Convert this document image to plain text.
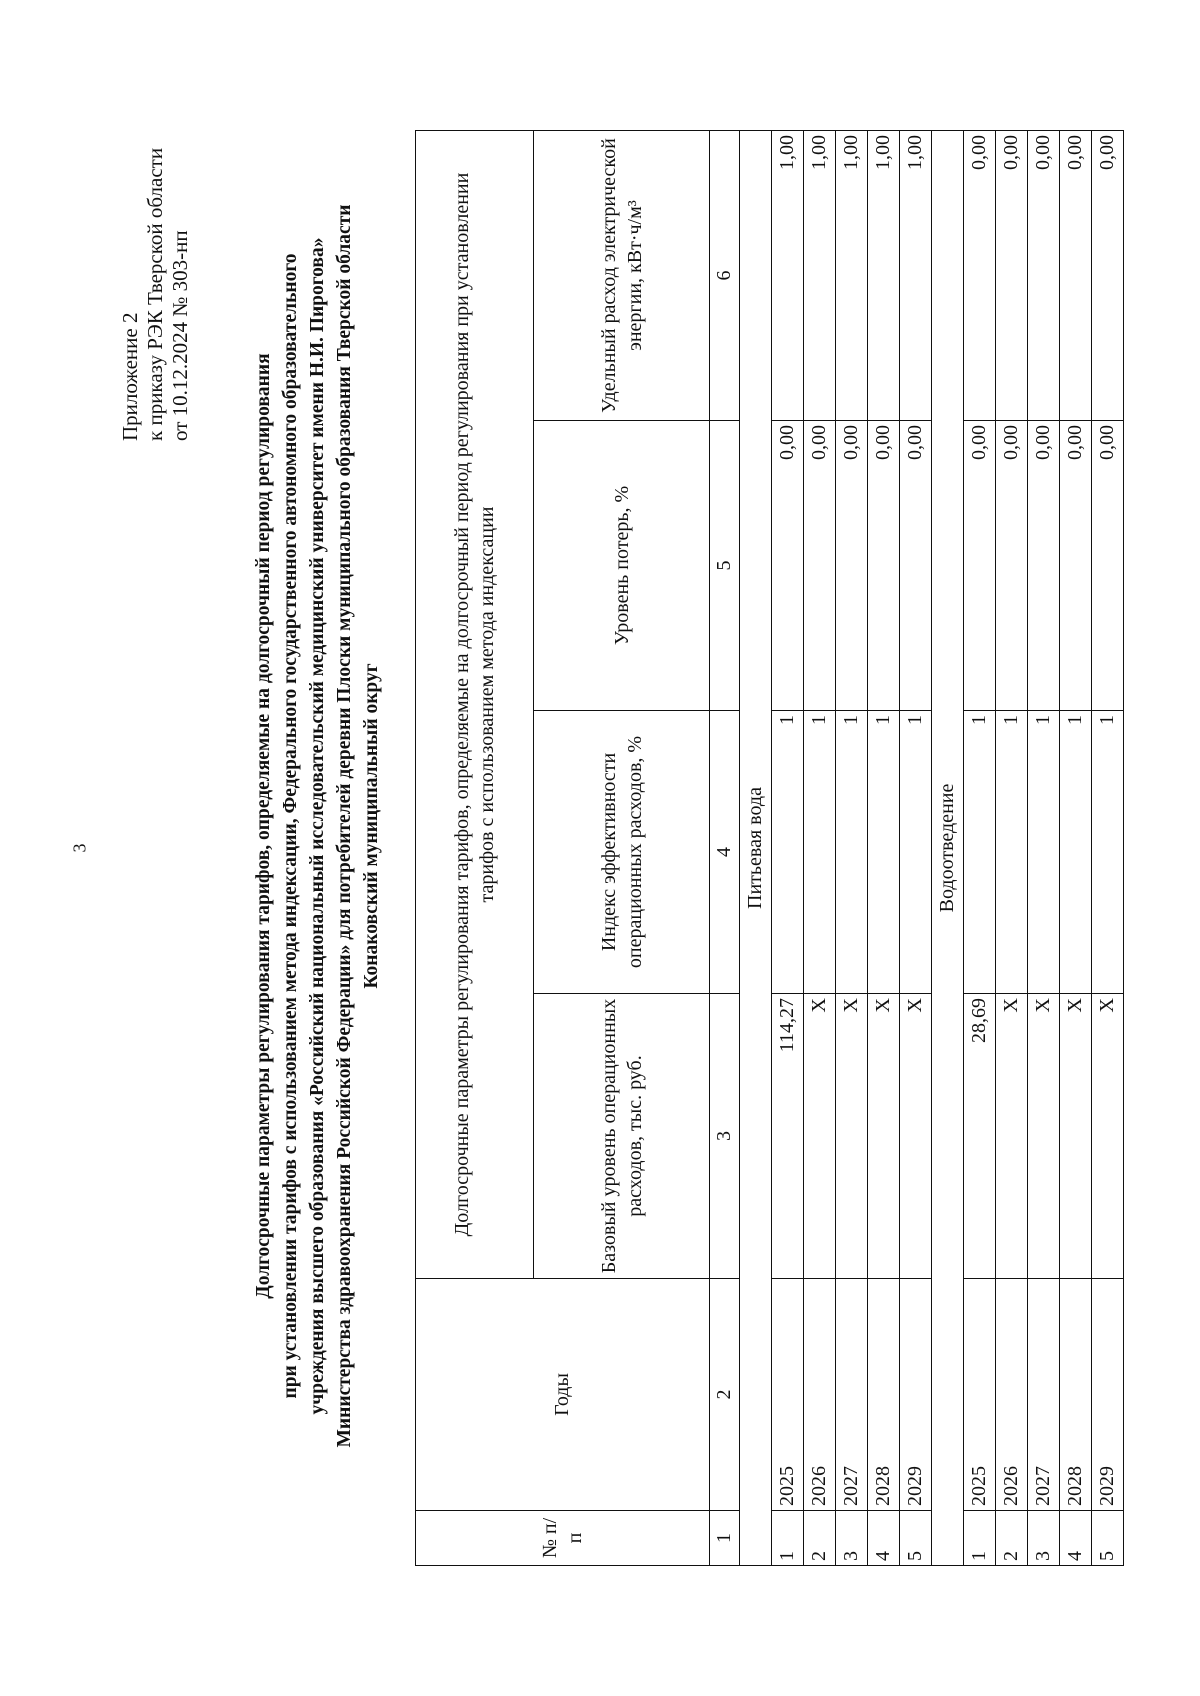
3
Приложение 2 к приказу РЭК Тверской области от 10.12.2024 № 303-нп
Долгосрочные параметры регулирования тарифов, определяемые на долгосрочный период регулирования при установлении тарифов с использованием метода индексации, Федерального государственного автономного образовательного учреждения высшего образования «Российский национальный исследовательский медицинский университет имени Н.И. Пирогова» Министерства здравоохранения Российской Федерации» для потребителей деревни Плоски муниципального образования Тверской области Конаковский муниципальный округ
№ п/п	Годы	Долгосрочные параметры регулирования тарифов, определяемые на долгосрочный период регулирования при установлении тарифов с использованием метода индексации			
		Базовый уровень операционных расходов, тыс. руб.	Индекс эффективности операционных расходов, %	Уровень потерь, %	Удельный расход электрической энергии, кВт·ч/м³
1	2	3	4	5	6
Питьевая вода					
1	2025	114,27	1	0,00	1,00
2	2026	X	1	0,00	1,00
3	2027	X	1	0,00	1,00
4	2028	X	1	0,00	1,00
5	2029	X	1	0,00	1,00
Водоотведение					
1	2025	28,69	1	0,00	0,00
2	2026	X	1	0,00	0,00
3	2027	X	1	0,00	0,00
4	2028	X	1	0,00	0,00
5	2029	X	1	0,00	0,00
